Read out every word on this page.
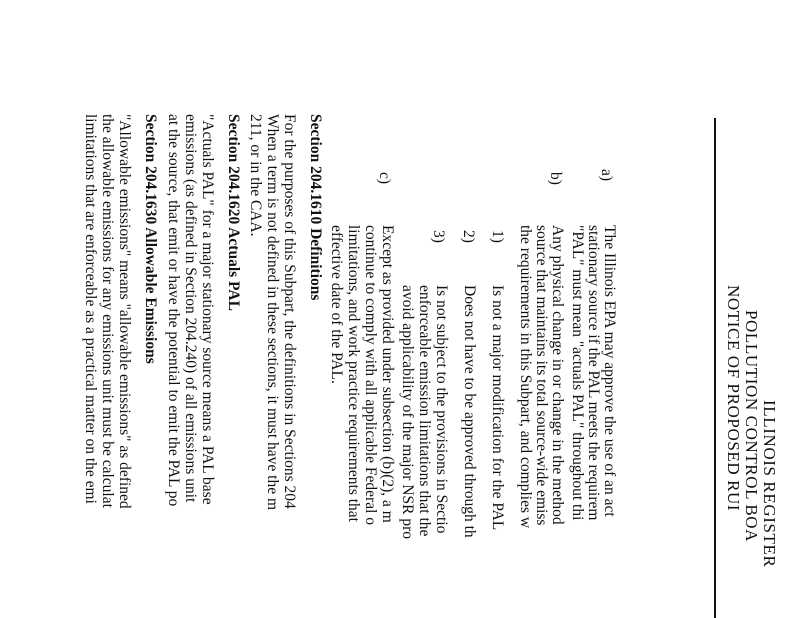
ILLINOIS REGISTER
POLLUTION CONTROL BOA
NOTICE OF PROPOSED RUI
a)
The Illinois EPA may approve the use of an act
stationary source if the PAL meets the requirem
"PAL" must mean "actuals PAL" throughout thi
b)
Any physical change in or change in the method
source that maintains its total source-wide emiss
the requirements in this Subpart, and complies w
1)
Is not a major modification for the PAL
2)
Does not have to be approved through th
3)
Is not subject to the provisions in Sectio
enforceable emission limitations that the
avoid applicability of the major NSR pro
c)
Except as provided under subsection (b)(2), a m
continue to comply with all applicable Federal o
limitations, and work practice requirements that
effective date of the PAL.
Section 204.1610 Definitions
For the purposes of this Subpart, the definitions in Sections 204
When a term is not defined in these sections, it must have the m
211, or in the CAA.
Section 204.1620 Actuals PAL
"Actuals PAL" for a major stationary source means a PAL base
emissions (as defined in Section 204.240) of all emissions unit
at the source, that emit or have the potential to emit the PAL po
Section 204.1630 Allowable Emissions
"Allowable emissions" means "allowable emissions" as defined
the allowable emissions for any emissions unit must be calculat
limitations that are enforceable as a practical matter on the emi
